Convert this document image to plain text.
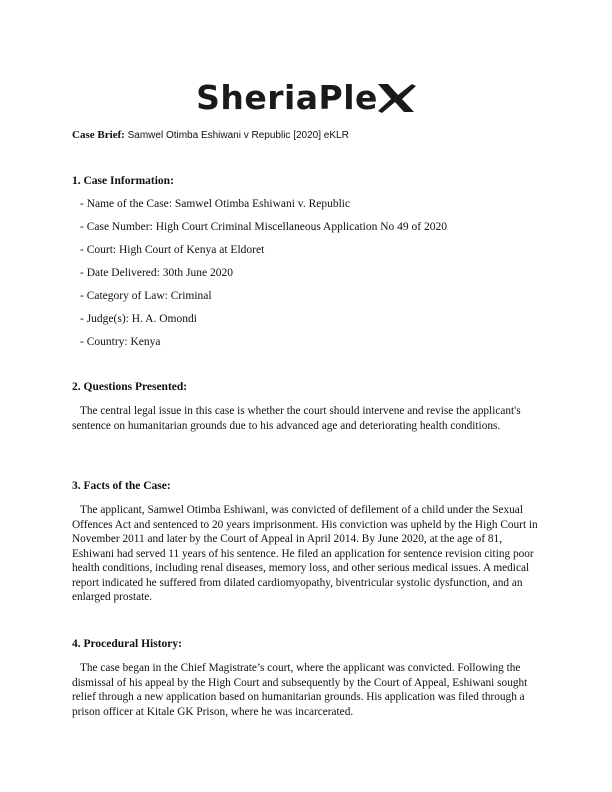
SheriaPle
Case Brief: Samwel Otimba Eshiwani v Republic [2020] eKLR

1. Case Information:

- Name of the Case: Samwel Otimba Eshiwani v. Republic
- Case Number: High Court Criminal Miscellaneous Application No 49 of 2020
- Court: High Court of Kenya at Eldoret
- Date Delivered: 30th June 2020
- Category of Law: Criminal
- Judge(s): H. A. Omondi
- Country: Kenya

2. Questions Presented:

The central legal issue in this case is whether the court should intervene and revise the applicant's sentence on humanitarian grounds due to his advanced age and deteriorating health conditions.

3. Facts of the Case:

The applicant, Samwel Otimba Eshiwani, was convicted of defilement of a child under the Sexual Offences Act and sentenced to 20 years imprisonment. His conviction was upheld by the High Court in November 2011 and later by the Court of Appeal in April 2014. By June 2020, at the age of 81, Eshiwani had served 11 years of his sentence. He filed an application for sentence revision citing poor health conditions, including renal diseases, memory loss, and other serious medical issues. A medical report indicated he suffered from dilated cardiomyopathy, biventricular systolic dysfunction, and an enlarged prostate.

4. Procedural History:

The case began in the Chief Magistrate’s court, where the applicant was convicted. Following the dismissal of his appeal by the High Court and subsequently by the Court of Appeal, Eshiwani sought relief through a new application based on humanitarian grounds. His application was filed through a prison officer at Kitale GK Prison, where he was incarcerated.
